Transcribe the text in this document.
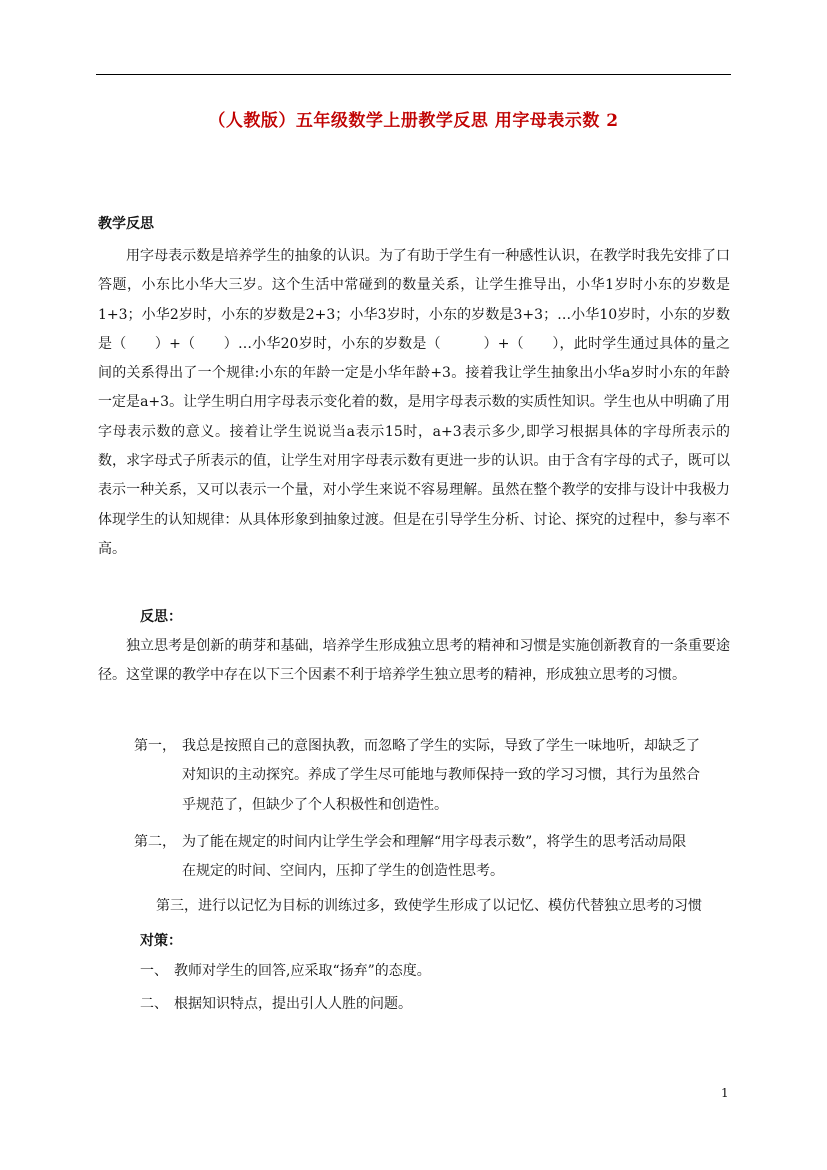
（人教版）五年级数学上册教学反思 用字母表示数 2
教学反思

用字母表示数是培养学生的抽象的认识。为了有助于学生有一种感性认识，在教学时我先安排了口答题，小东比小华大三岁。这个生活中常碰到的数量关系，让学生推导出，小华1岁时小东的岁数是1+3；小华2岁时，小东的岁数是2+3；小华3岁时，小东的岁数是3+3；…小华10岁时，小东的岁数是（　　）+（　　）…小华20岁时，小东的岁数是（　　　）+（　　），此时学生通过具体的量之间的关系得出了一个规律:小东的年龄一定是小华年龄+3。接着我让学生抽象出小华a岁时小东的年龄一定是a+3。让学生明白用字母表示变化着的数，是用字母表示数的实质性知识。学生也从中明确了用字母表示数的意义。接着让学生说说当a表示15时，a+3表示多少,即学习根据具体的字母所表示的数，求字母式子所表示的值，让学生对用字母表示数有更进一步的认识。由于含有字母的式子，既可以表示一种关系，又可以表示一个量，对小学生来说不容易理解。虽然在整个教学的安排与设计中我极力体现学生的认知规律：从具体形象到抽象过渡。但是在引导学生分析、讨论、探究的过程中，参与率不高。

反思：

独立思考是创新的萌芽和基础，培养学生形成独立思考的精神和习惯是实施创新教育的一条重要途径。这堂课的教学中存在以下三个因素不利于培养学生独立思考的精神，形成独立思考的习惯。

第一， 我总是按照自己的意图执教，而忽略了学生的实际，导致了学生一味地听，却缺乏了
对知识的主动探究。养成了学生尽可能地与教师保持一致的学习习惯，其行为虽然合
乎规范了，但缺少了个人积极性和创造性。
第二， 为了能在规定的时间内让学生学会和理解“用字母表示数”，将学生的思考活动局限
在规定的时间、空间内，压抑了学生的创造性思考。
第三，进行以记忆为目标的训练过多，致使学生形成了以记忆、模仿代替独立思考的习惯
对策：
一、 教师对学生的回答,应采取“扬弃”的态度。
二、 根据知识特点，提出引人人胜的问题。
1
